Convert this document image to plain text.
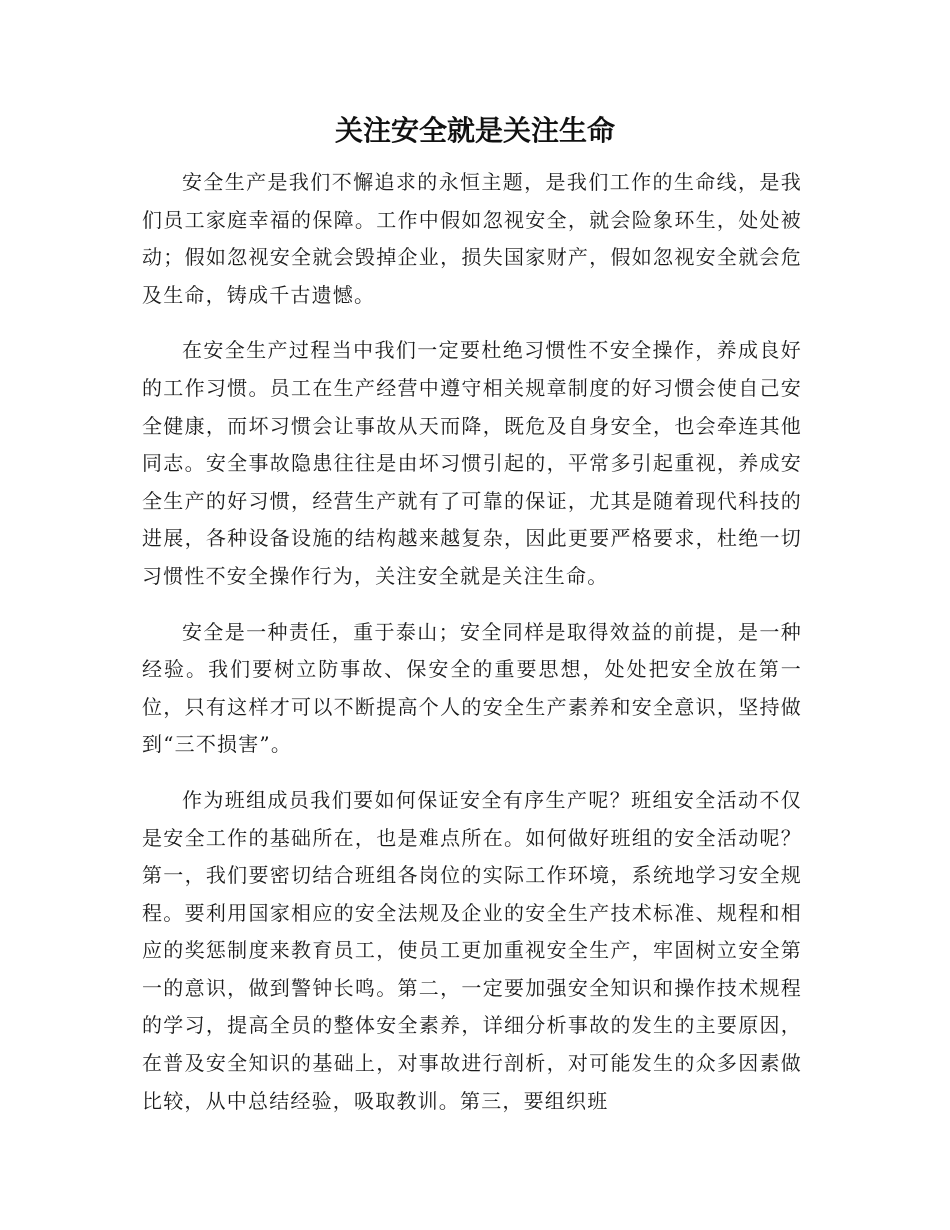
关注安全就是关注生命

安全生产是我们不懈追求的永恒主题，是我们工作的生命线，是我们员工家庭幸福的保障。工作中假如忽视安全，就会险象环生，处处被动；假如忽视安全就会毁掉企业，损失国家财产，假如忽视安全就会危及生命，铸成千古遗憾。

在安全生产过程当中我们一定要杜绝习惯性不安全操作，养成良好的工作习惯。员工在生产经营中遵守相关规章制度的好习惯会使自己安全健康，而坏习惯会让事故从天而降，既危及自身安全，也会牵连其他同志。安全事故隐患往往是由坏习惯引起的，平常多引起重视，养成安全生产的好习惯，经营生产就有了可靠的保证，尤其是随着现代科技的进展，各种设备设施的结构越来越复杂，因此更要严格要求，杜绝一切习惯性不安全操作行为，关注安全就是关注生命。

安全是一种责任，重于泰山；安全同样是取得效益的前提，是一种经验。我们要树立防事故、保安全的重要思想，处处把安全放在第一位，只有这样才可以不断提高个人的安全生产素养和安全意识，坚持做到“三不损害”。

作为班组成员我们要如何保证安全有序生产呢？班组安全活动不仅是安全工作的基础所在，也是难点所在。如何做好班组的安全活动呢？第一，我们要密切结合班组各岗位的实际工作环境，系统地学习安全规程。要利用国家相应的安全法规及企业的安全生产技术标准、规程和相应的奖惩制度来教育员工，使员工更加重视安全生产，牢固树立安全第一的意识，做到警钟长鸣。第二，一定要加强安全知识和操作技术规程的学习，提高全员的整体安全素养，详细分析事故的发生的主要原因，在普及安全知识的基础上，对事故进行剖析，对可能发生的众多因素做比较，从中总结经验，吸取教训。第三，要组织班
